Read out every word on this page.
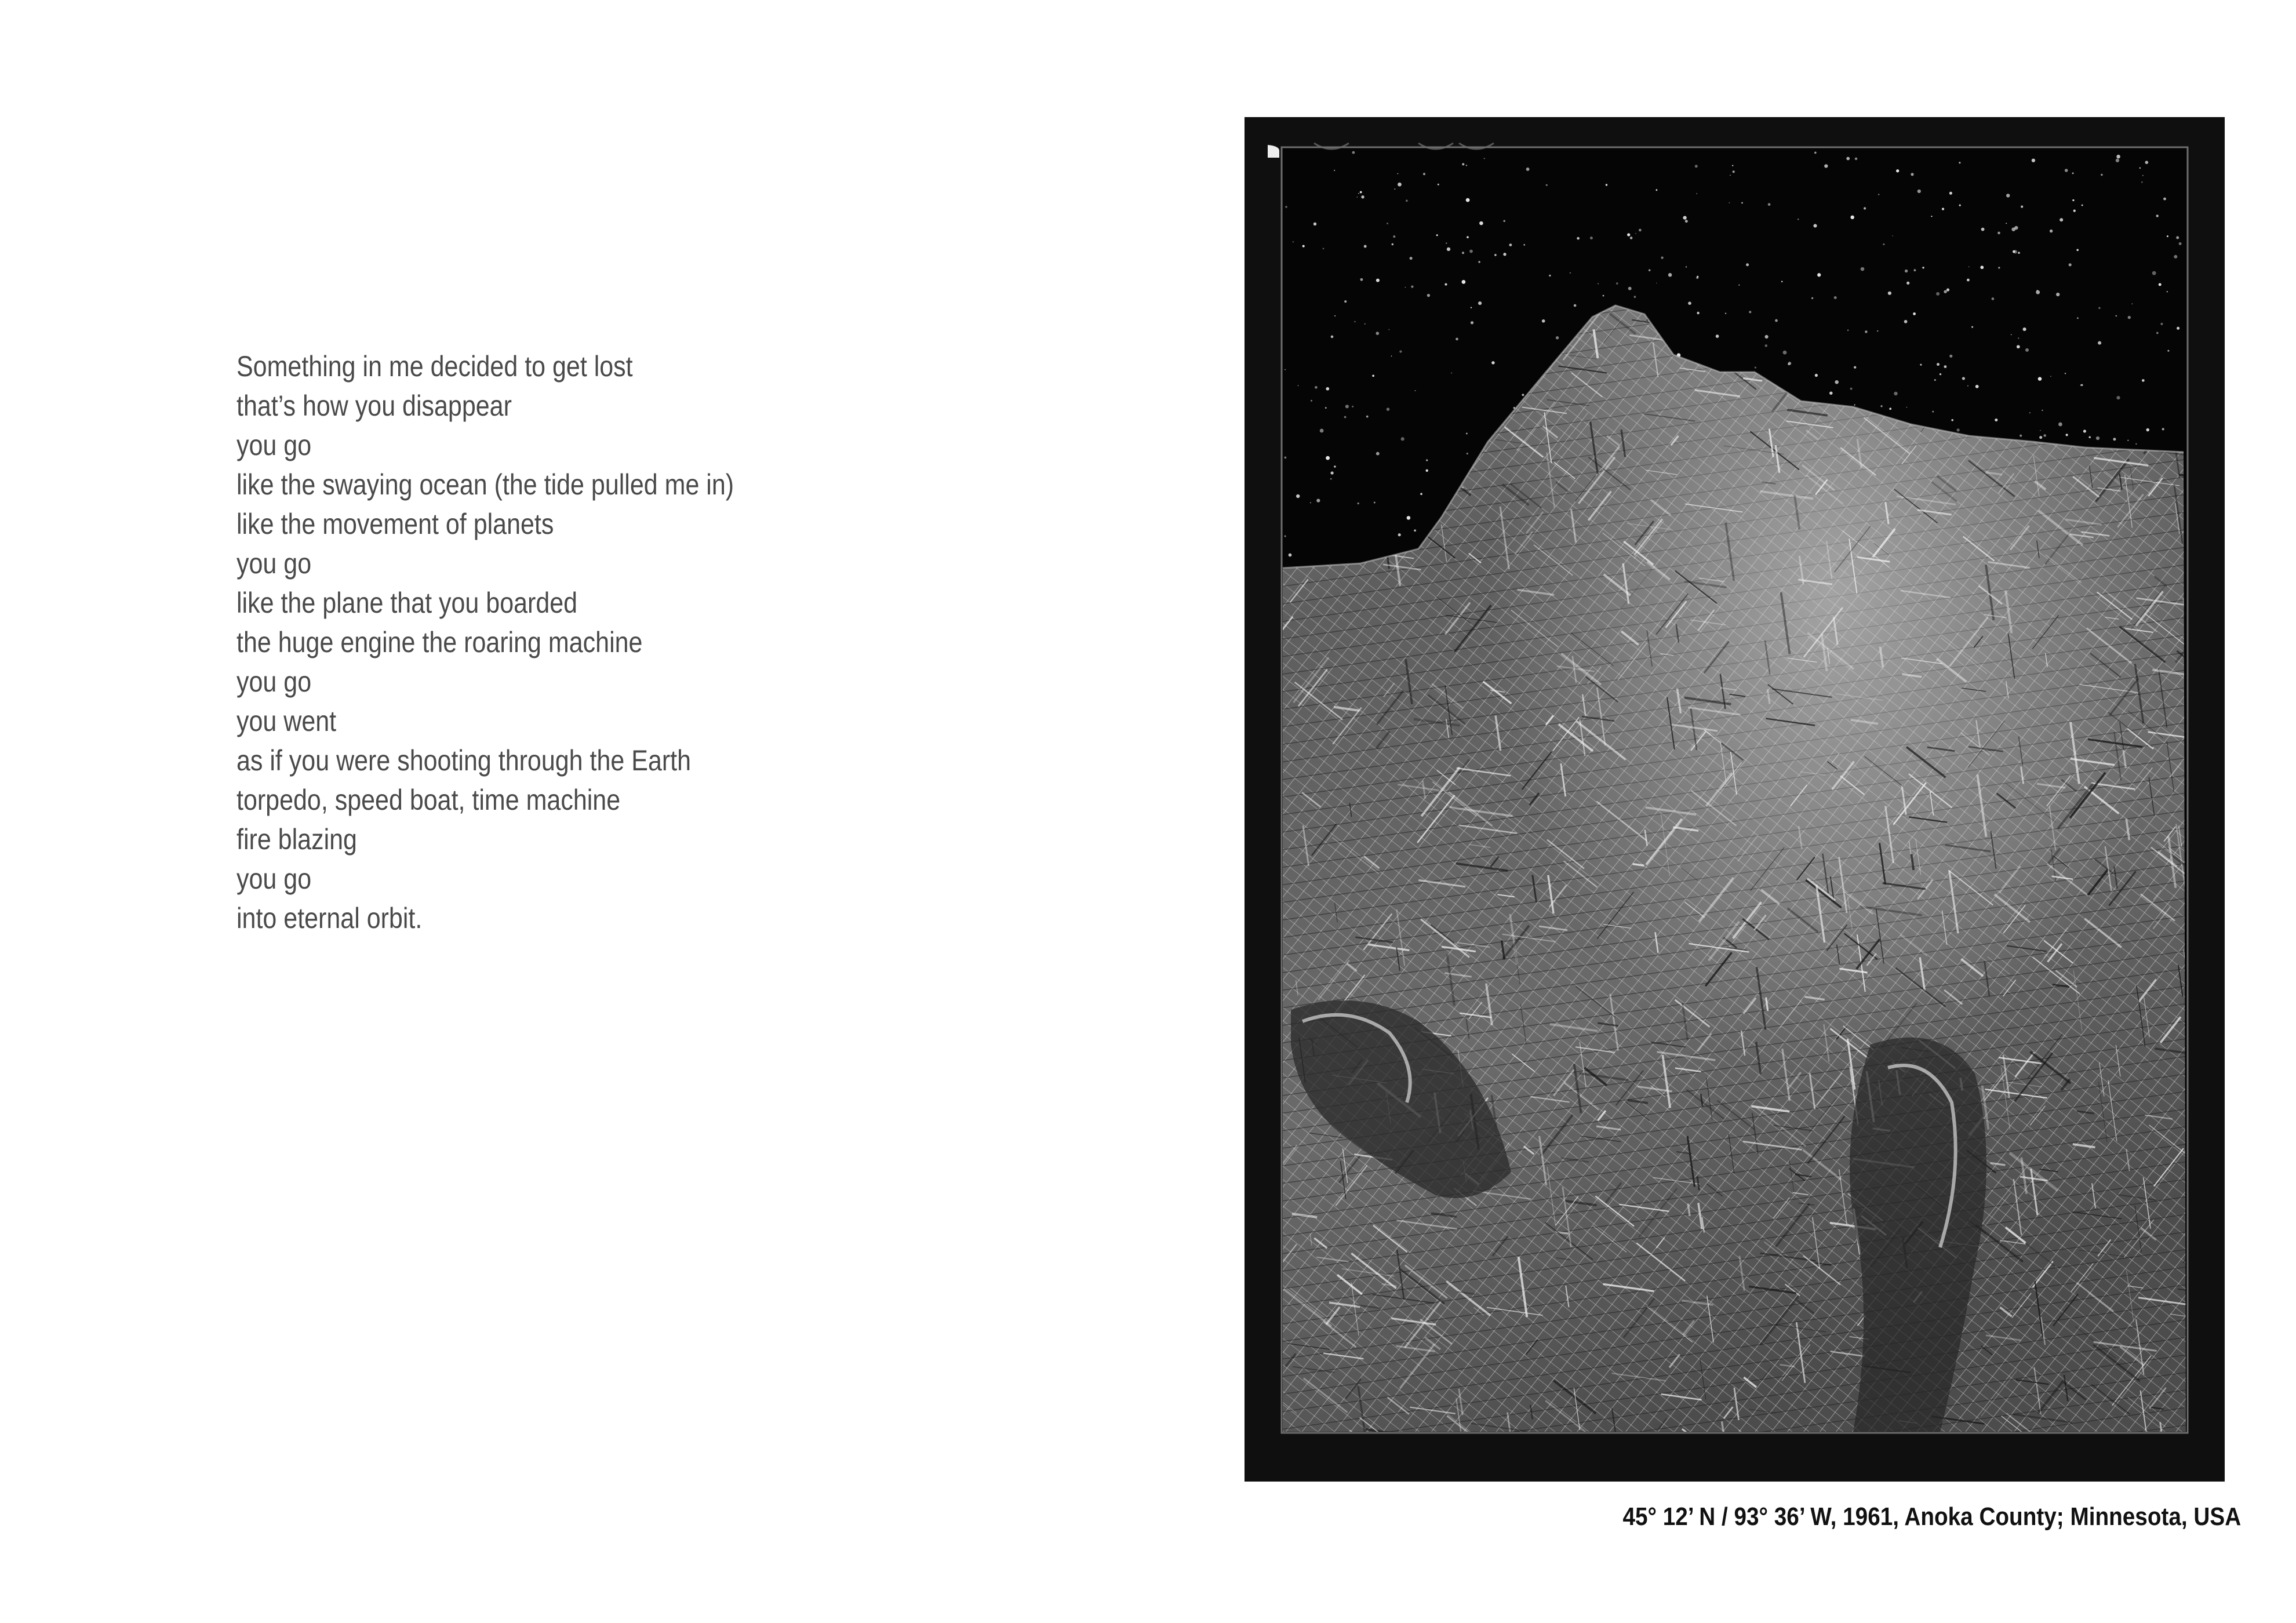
Something in me decided to get lost
that’s how you disappear
you go
like the swaying ocean (the tide pulled me in)
like the movement of planets
you go
like the plane that you boarded
the huge engine the roaring machine
you go
you went
as if you were shooting through the Earth
torpedo, speed boat, time machine
fire blazing
you go
into eternal orbit.
45° 12’ N / 93° 36’ W, 1961, Anoka County; Minnesota, USA
